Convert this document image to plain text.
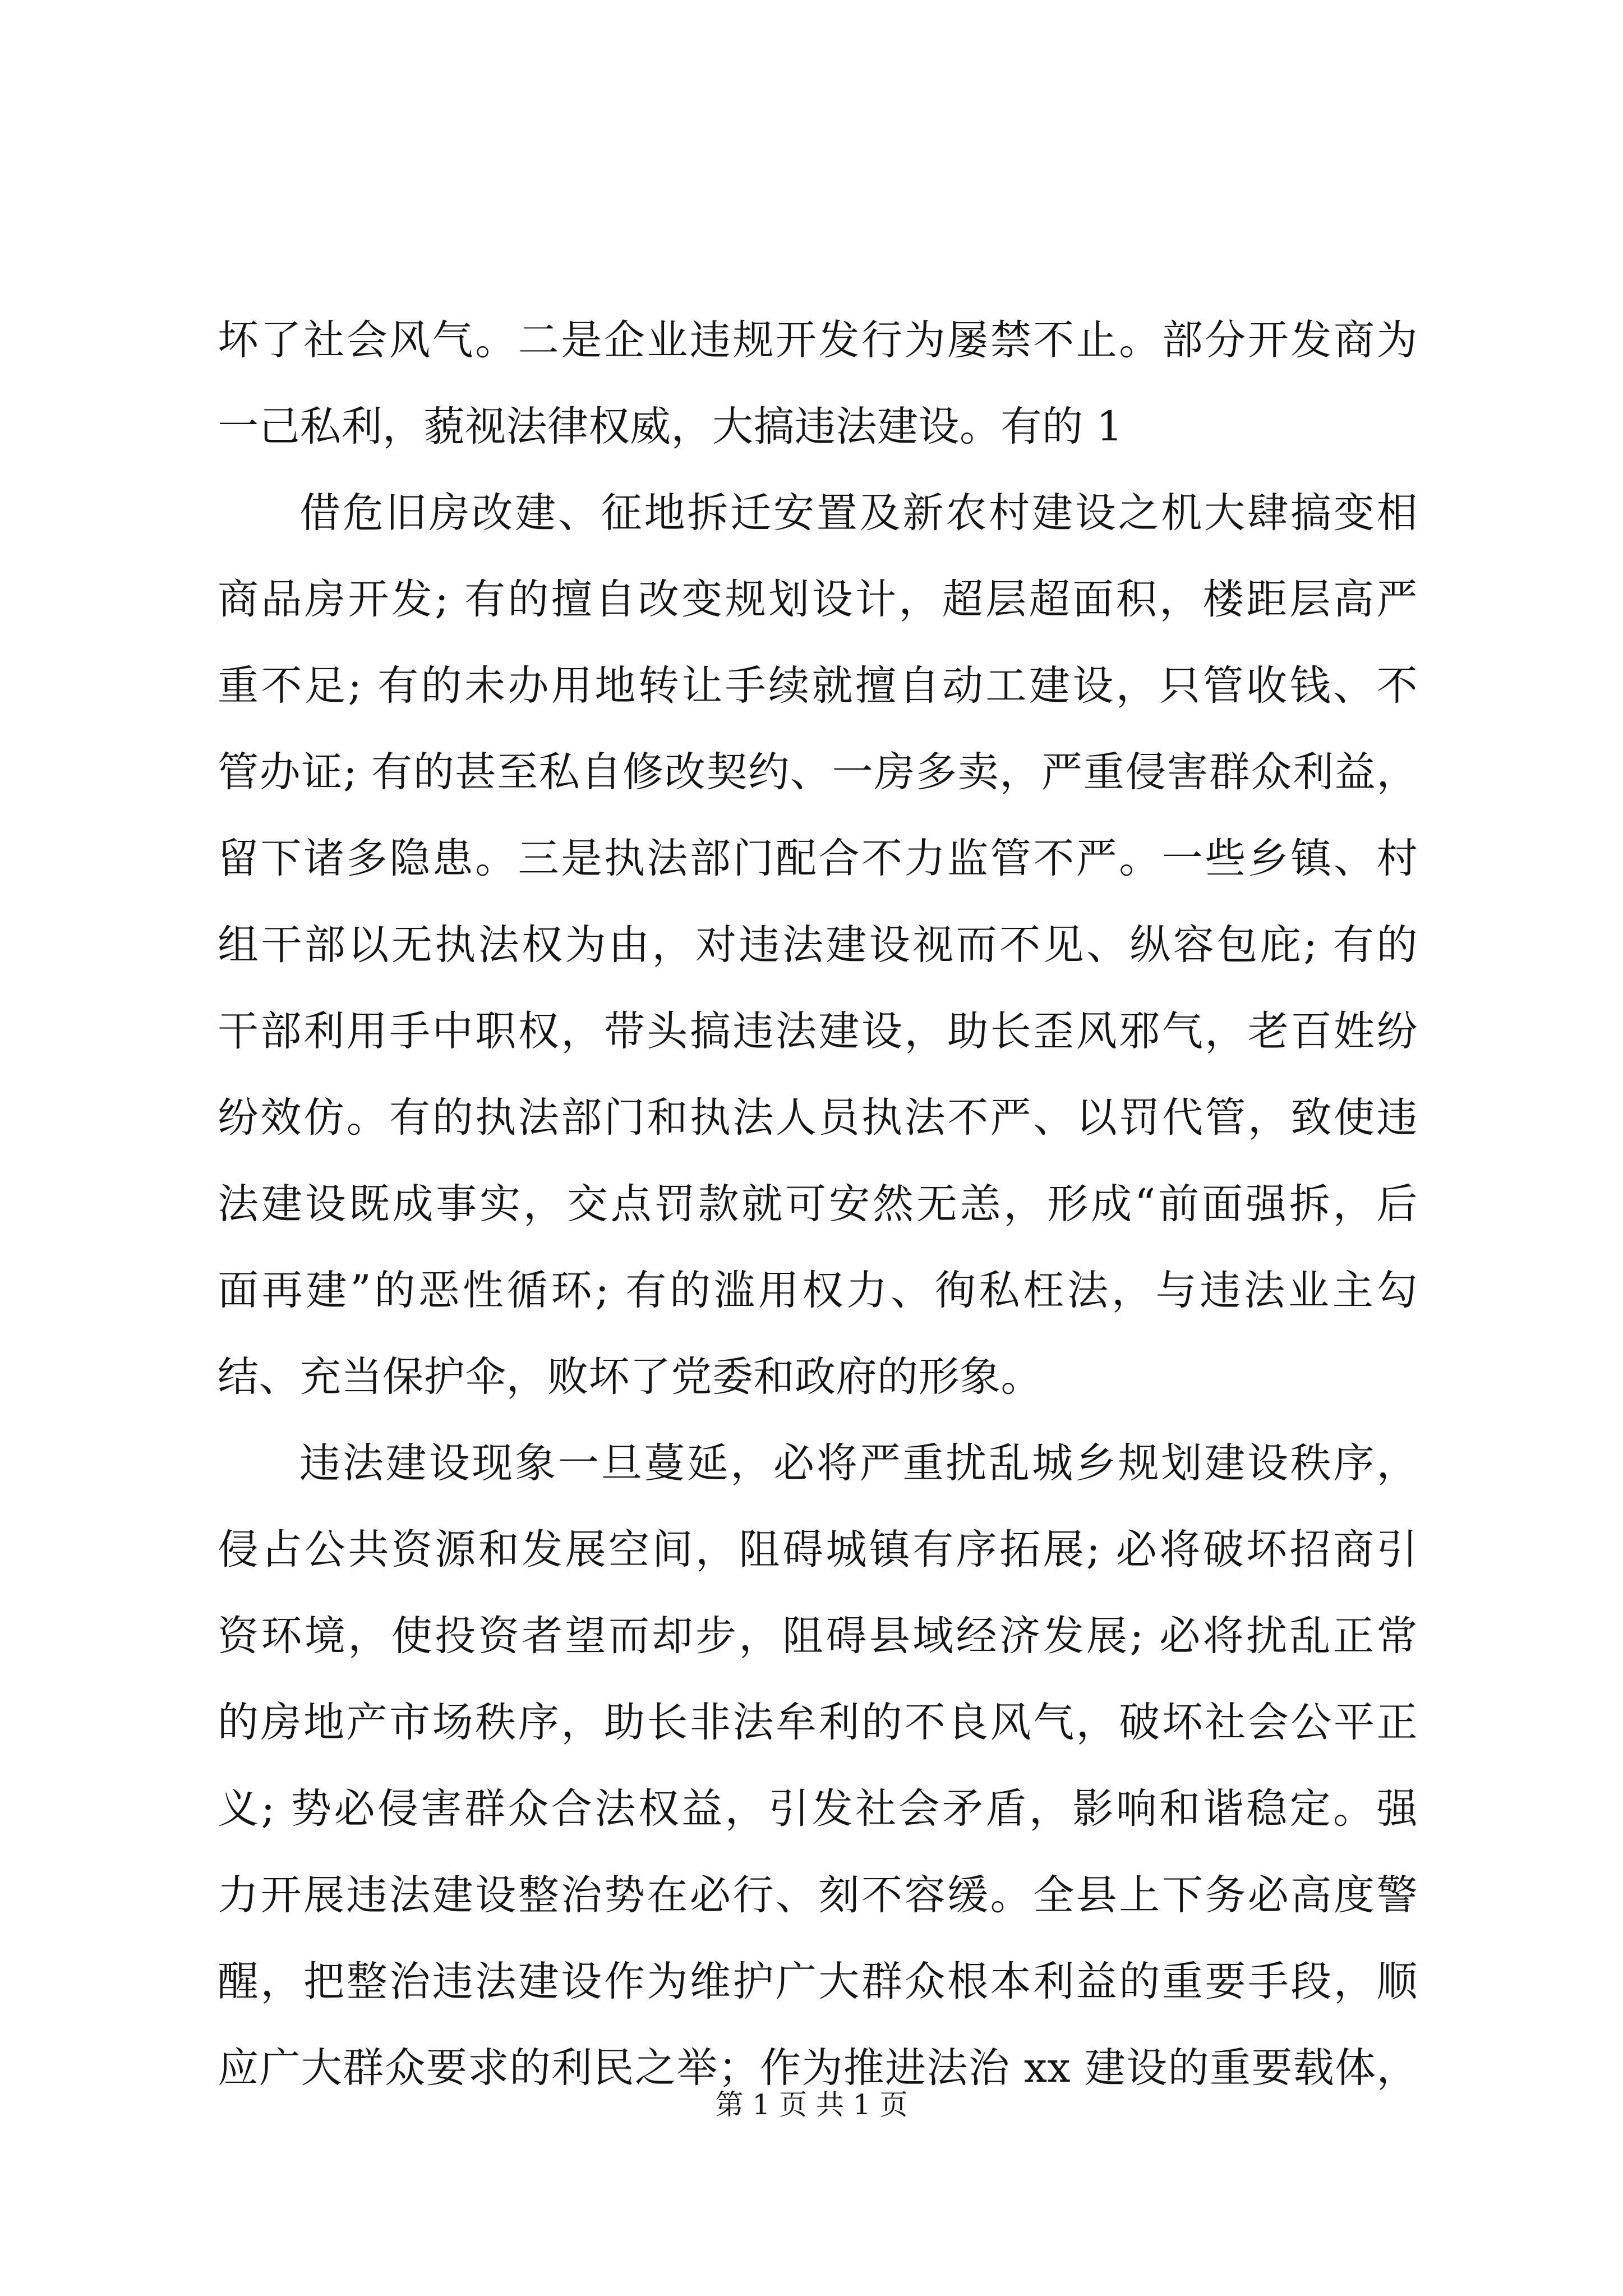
坏了社会风气。二是企业违规开发行为屡禁不止。部分开发商为
一己私利，藐视法律权威，大搞违法建设。有的 1
借危旧房改建、征地拆迁安置及新农村建设之机大肆搞变相
商品房开发; 有的擅自改变规划设计，超层超面积，楼距层高严
重不足; 有的未办用地转让手续就擅自动工建设，只管收钱、不
管办证; 有的甚至私自修改契约、一房多卖，严重侵害群众利益，
留下诸多隐患。三是执法部门配合不力监管不严。一些乡镇、村
组干部以无执法权为由，对违法建设视而不见、纵容包庇; 有的
干部利用手中职权，带头搞违法建设，助长歪风邪气，老百姓纷
纷效仿。有的执法部门和执法人员执法不严、以罚代管，致使违
法建设既成事实，交点罚款就可安然无恙，形成“前面强拆，后
面再建”的恶性循环; 有的滥用权力、徇私枉法，与违法业主勾
结、充当保护伞，败坏了党委和政府的形象。
违法建设现象一旦蔓延，必将严重扰乱城乡规划建设秩序，
侵占公共资源和发展空间，阻碍城镇有序拓展; 必将破坏招商引
资环境，使投资者望而却步，阻碍县域经济发展; 必将扰乱正常
的房地产市场秩序，助长非法牟利的不良风气，破坏社会公平正
义; 势必侵害群众合法权益，引发社会矛盾，影响和谐稳定。强
力开展违法建设整治势在必行、刻不容缓。全县上下务必高度警
醒，把整治违法建设作为维护广大群众根本利益的重要手段，顺
应广大群众要求的利民之举；作为推进法治 xx 建设的重要载体，
第 1 页 共 1 页
